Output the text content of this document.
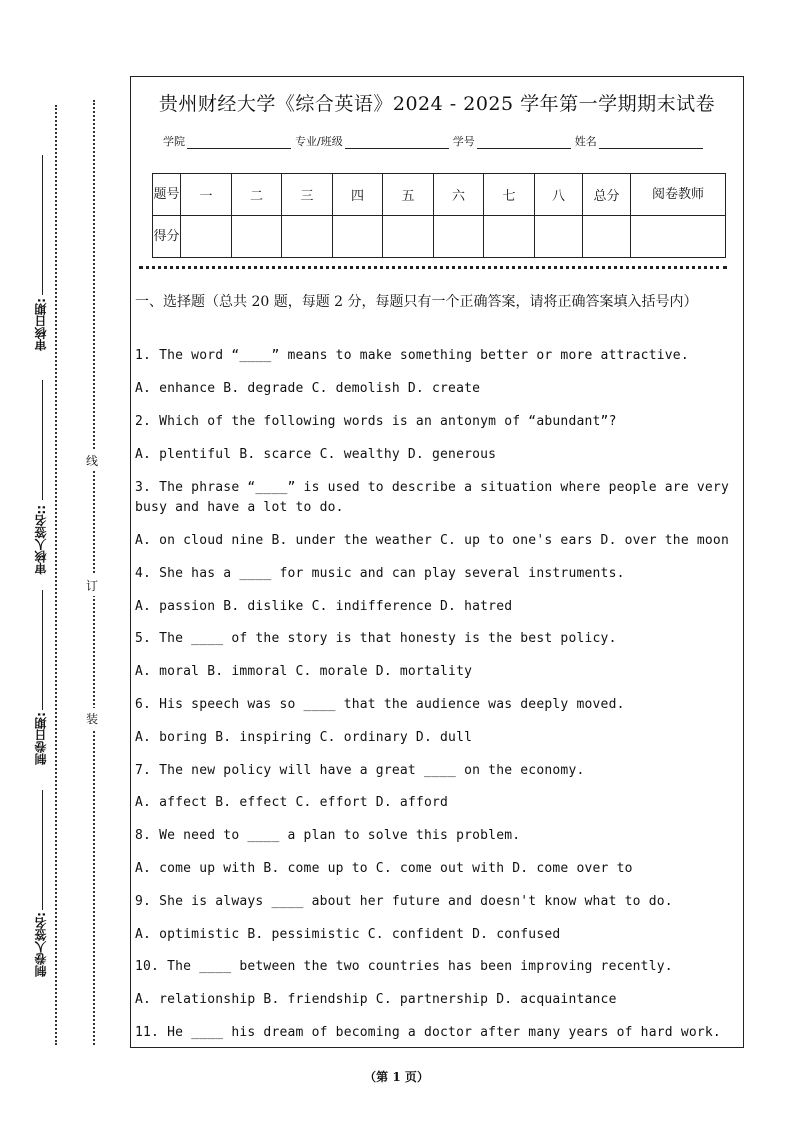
审核日期:
审核人签名::
制卷日期:
制卷人签名:
线
订
装
贵州财经大学《综合英语》2024 - 2025 学年第一学期期末试卷
学院	专业/班级	学号	姓名
题号	一	二	三	四	五	六	七	八	总分	阅卷教师
得分										
一、选择题（总共 20 题，每题 2 分，每题只有一个正确答案，请将正确答案填入括号内）
1. The word “____” means to make something better or more attractive.
A. enhance B. degrade C. demolish D. create
2. Which of the following words is an antonym of “abundant”?
A. plentiful B. scarce C. wealthy D. generous
3. The phrase “____” is used to describe a situation where people are very
busy and have a lot to do.
A. on cloud nine B. under the weather C. up to one's ears D. over the moon
4. She has a ____ for music and can play several instruments.
A. passion B. dislike C. indifference D. hatred
5. The ____ of the story is that honesty is the best policy.
A. moral B. immoral C. morale D. mortality
6. His speech was so ____ that the audience was deeply moved.
A. boring B. inspiring C. ordinary D. dull
7. The new policy will have a great ____ on the economy.
A. affect B. effect C. effort D. afford
8. We need to ____ a plan to solve this problem.
A. come up with B. come up to C. come out with D. come over to
9. She is always ____ about her future and doesn't know what to do.
A. optimistic B. pessimistic C. confident D. confused
10. The ____ between the two countries has been improving recently.
A. relationship B. friendship C. partnership D. acquaintance
11. He ____ his dream of becoming a doctor after many years of hard work.
（第 1 页）
